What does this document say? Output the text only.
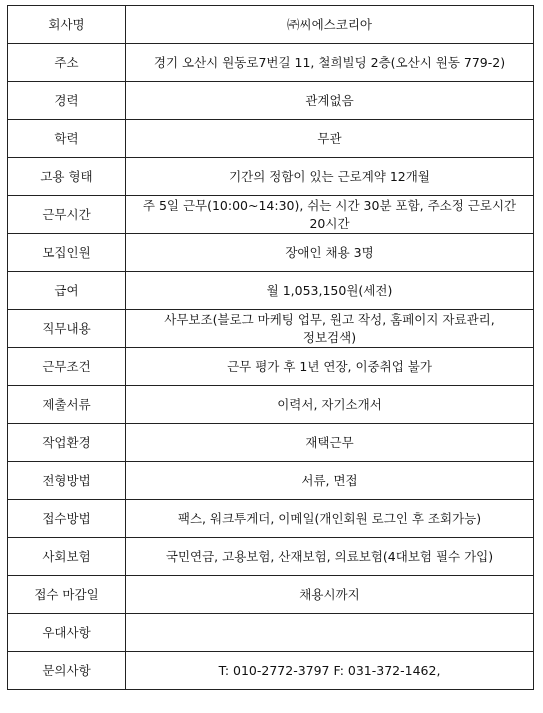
회사명	㈜씨에스코리아
주소	경기 오산시 원동로7번길 11, 철희빌딩 2층(오산시 원동 779-2)
경력	관계없음
학력	무관
고용 형태	기간의 정함이 있는 근로계약 12개월
근무시간	주 5일 근무(10:00~14:30), 쉬는 시간 30분 포함, 주소정 근로시간 20시간
모집인원	장애인 채용 3명
급여	월 1,053,150원(세전)
직무내용	사무보조(블로그 마케팅 업무, 원고 작성, 홈페이지 자료관리, 정보검색)
근무조건	근무 평가 후 1년 연장, 이중취업 불가
제출서류	이력서, 자기소개서
작업환경	재택근무
전형방법	서류, 면접
접수방법	팩스, 워크투게더, 이메일(개인회원 로그인 후 조회가능)
사회보험	국민연금, 고용보험, 산재보험, 의료보험(4대보험 필수 가입)
접수 마감일	채용시까지
우대사항	
문의사항	T: 010-2772-3797 F: 031-372-1462,
